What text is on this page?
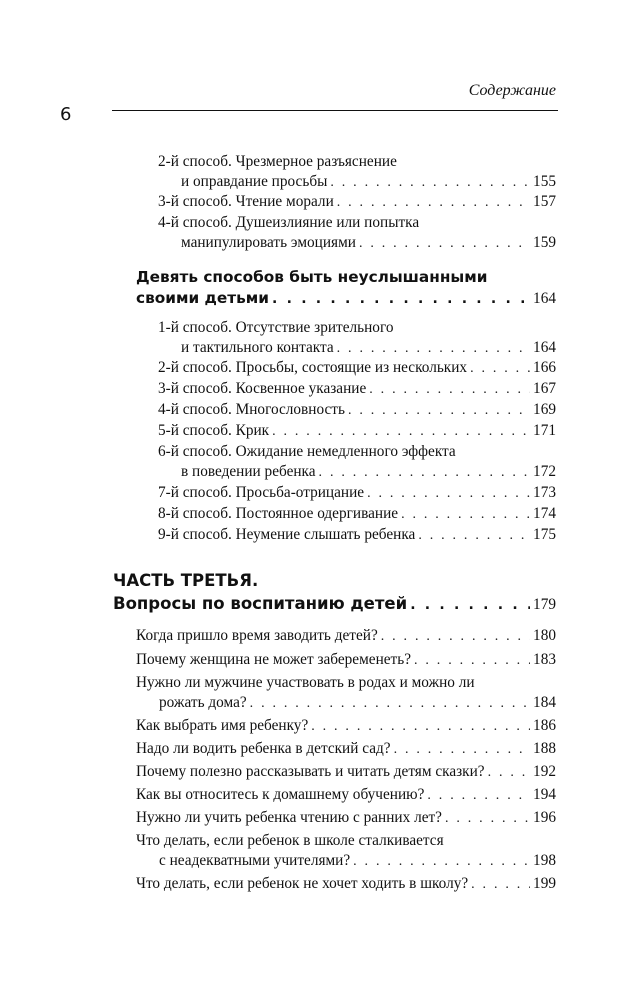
Содержание
6
2-й способ. Чрезмерное разъяснение
и оправдание просьбы . . .	155
3-й способ. Чтение морали . . .	157
4-й способ. Душеизлияние или попытка
манипулировать эмоциями . . .	159
Девять способов быть неуслышанными
своими детьми . . .	164
1-й способ. Отсутствие зрительного
и тактильного контакта . . .	164
2-й способ. Просьбы, состоящие из нескольких . . .	166
3-й способ. Косвенное указание . . .	167
4-й способ. Многословность . . .	169
5-й способ. Крик . . .	171
6-й способ. Ожидание немедленного эффекта
в поведении ребенка . . .	172
7-й способ. Просьба-отрицание . . .	173
8-й способ. Постоянное одергивание . . .	174
9-й способ. Неумение слышать ребенка . . .	175
ЧАСТЬ ТРЕТЬЯ.
Вопросы по воспитанию детей . . .	179
Когда пришло время заводить детей? . . .	180
Почему женщина не может забеременеть? . . .	183
Нужно ли мужчине участвовать в родах и можно ли
рожать дома? . . .	184
Как выбрать имя ребенку? . . .	186
Надо ли водить ребенка в детский сад? . . .	188
Почему полезно рассказывать и читать детям сказки? . . .	192
Как вы относитесь к домашнему обучению? . . .	194
Нужно ли учить ребенка чтению с ранних лет? . . .	196
Что делать, если ребенок в школе сталкивается
с неадекватными учителями? . . .	198
Что делать, если ребенок не хочет ходить в школу? . . .	199
